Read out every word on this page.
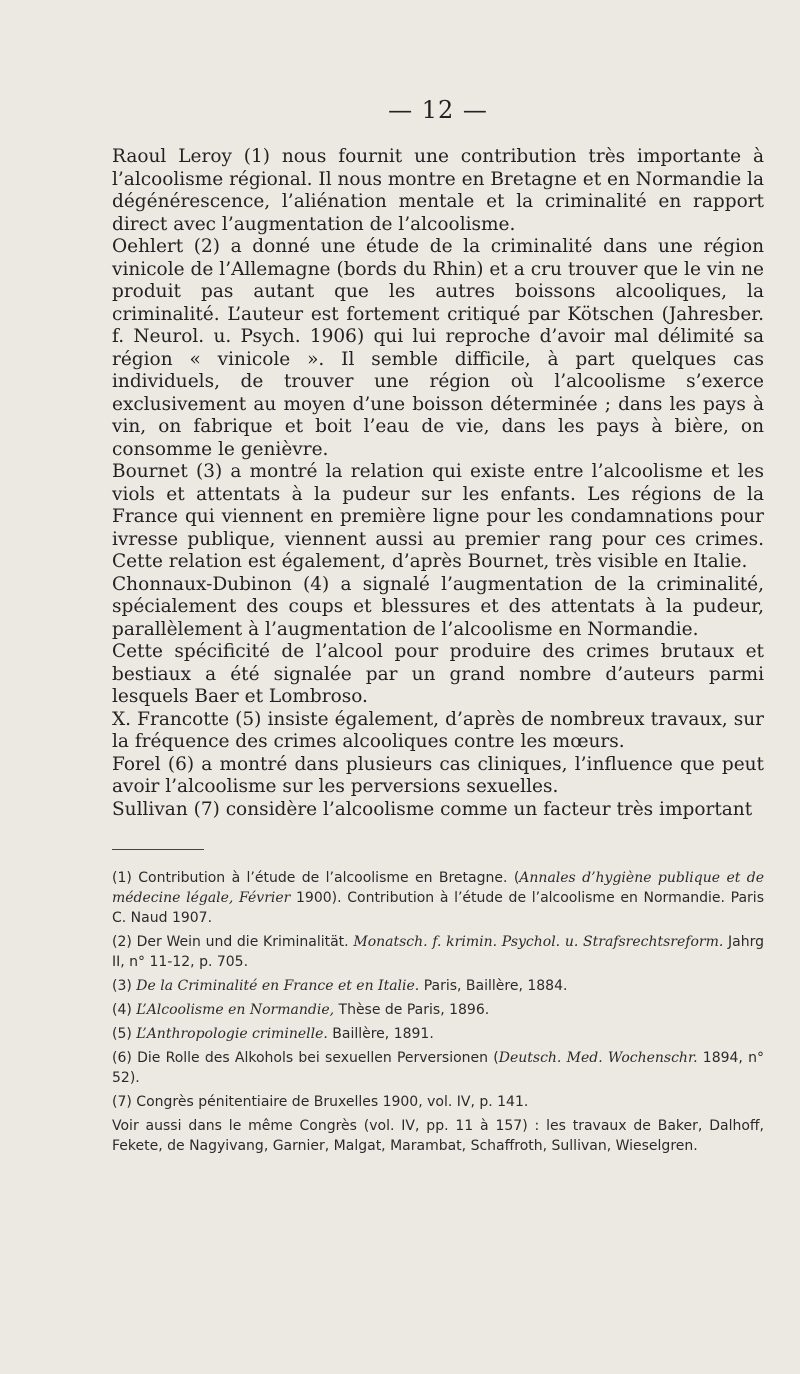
— 12 —

Raoul Leroy (1) nous fournit une contribution très importante à l’alcoolisme régional. Il nous montre en Bretagne et en Normandie la dégénérescence, l’aliénation mentale et la criminalité en rapport direct avec l’augmentation de l’alcoolisme.

Oehlert (2) a donné une étude de la criminalité dans une région vinicole de l’Allemagne (bords du Rhin) et a cru trouver que le vin ne produit pas autant que les autres boissons alcooliques, la criminalité. L’auteur est fortement critiqué par Kötschen (Jahresber. f. Neurol. u. Psych. 1906) qui lui reproche d’avoir mal délimité sa région « vinicole ». Il semble difficile, à part quelques cas individuels, de trouver une région où l’alcoolisme s’exerce exclusivement au moyen d’une boisson déterminée ; dans les pays à vin, on fabrique et boit l’eau de vie, dans les pays à bière, on consomme le genièvre.

Bournet (3) a montré la relation qui existe entre l’alcoolisme et les viols et attentats à la pudeur sur les enfants. Les régions de la France qui viennent en première ligne pour les condamnations pour ivresse publique, viennent aussi au premier rang pour ces crimes. Cette relation est également, d’après Bournet, très visible en Italie.

Chonnaux-Dubinon (4) a signalé l’augmentation de la criminalité, spécialement des coups et blessures et des attentats à la pudeur, parallèlement à l’augmentation de l’alcoolisme en Normandie.

Cette spécificité de l’alcool pour produire des crimes brutaux et bestiaux a été signalée par un grand nombre d’auteurs parmi lesquels Baer et Lombroso.

X. Francotte (5) insiste également, d’après de nombreux travaux, sur la fréquence des crimes alcooliques contre les mœurs.

Forel (6) a montré dans plusieurs cas cliniques, l’influence que peut avoir l’alcoolisme sur les perversions sexuelles.

Sullivan (7) considère l’alcoolisme comme un facteur très important

(1) Contribution à l’étude de l’alcoolisme en Bretagne. (Annales d’hygiène publique et de médecine légale, Février 1900). Contribution à l’étude de l’alcoolisme en Normandie. Paris C. Naud 1907.

(2) Der Wein und die Kriminalität. Monatsch. f. krimin. Psychol. u. Strafsrechtsreform. Jahrg II, n° 11-12, p. 705.

(3) De la Criminalité en France et en Italie. Paris, Baillère, 1884.

(4) L’Alcoolisme en Normandie, Thèse de Paris, 1896.

(5) L’Anthropologie criminelle. Baillère, 1891.

(6) Die Rolle des Alkohols bei sexuellen Perversionen (Deutsch. Med. Wochenschr. 1894, n° 52).

(7) Congrès pénitentiaire de Bruxelles 1900, vol. IV, p. 141.

Voir aussi dans le même Congrès (vol. IV, pp. 11 à 157) : les travaux de Baker, Dalhoff, Fekete, de Nagyivang, Garnier, Malgat, Marambat, Schaffroth, Sullivan, Wieselgren.
